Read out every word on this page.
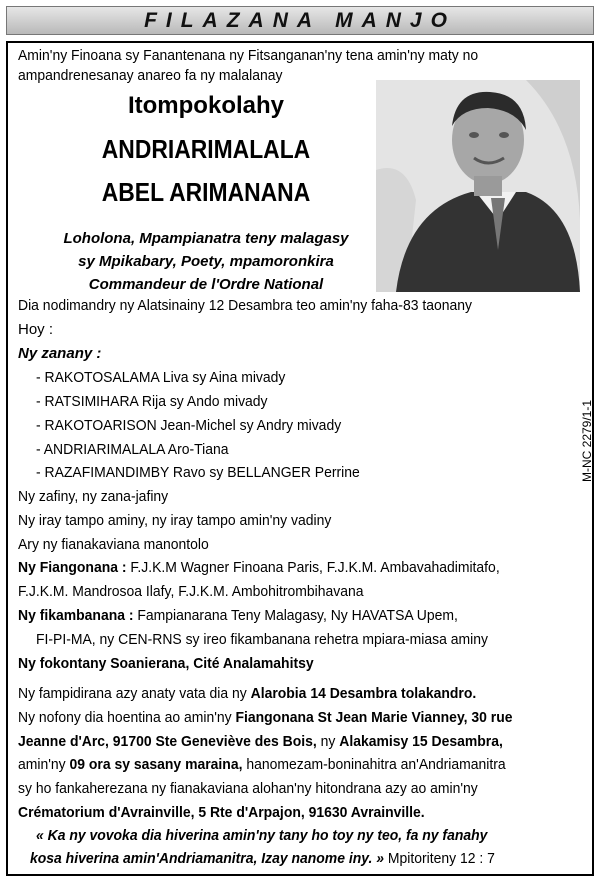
FILAZANA MANJO
Amin'ny Finoana sy Fanantenana ny Fitsanganan'ny tena amin'ny maty no
ampandrenesanay anareo fa ny malalanay
Itompokolahy
ANDRIARIMALALA
ABEL ARIMANANA
Loholona, Mpampianatra teny malagasy
sy Mpikabary, Poety, mpamoronkira
Commandeur de l'Ordre National
Dia nodimandry ny Alatsinainy 12 Desambra teo amin'ny faha-83 taonany
Hoy :
Ny zanany :
- RAKOTOSALAMA Liva sy Aina mivady
- RATSIMIHARA Rija sy Ando mivady
- RAKOTOARISON Jean-Michel sy Andry mivady
- ANDRIARIMALALA Aro-Tiana
- RAZAFIMANDIMBY Ravo sy BELLANGER Perrine
Ny zafiny, ny zana-jafiny
Ny iray tampo aminy, ny iray tampo amin'ny vadiny
Ary ny fianakaviana manontolo
Ny Fiangonana : F.J.K.M Wagner Finoana Paris, F.J.K.M. Ambavahadimitafo,
F.J.K.M. Mandrosoa Ilafy, F.J.K.M. Ambohitrombihavana
Ny fikambanana : Fampianarana Teny Malagasy, Ny HAVATSA Upem,
FI-PI-MA, ny CEN-RNS sy ireo fikambanana rehetra mpiara-miasa aminy
Ny fokontany Soanierana, Cité Analamahitsy
Ny fampidirana azy anaty vata dia ny Alarobia 14 Desambra tolakandro.
Ny nofony dia hoentina ao amin'ny Fiangonana St Jean Marie Vianney, 30 rue
Jeanne d'Arc, 91700 Ste Geneviève des Bois, ny Alakamisy 15 Desambra,
amin'ny 09 ora sy sasany maraina, hanomezam-boninahitra an'Andriamanitra
sy ho fankaherezana ny fianakaviana alohan'ny hitondrana azy ao amin'ny
Crématorium d'Avrainville, 5 Rte d'Arpajon, 91630 Avrainville.
« Ka ny vovoka dia hiverina amin'ny tany ho toy ny teo, fa ny fanahy
kosa hiverina amin'Andriamanitra, Izay nanome iny. » Mpitoriteny 12 : 7
M-NC 2279/1-1
